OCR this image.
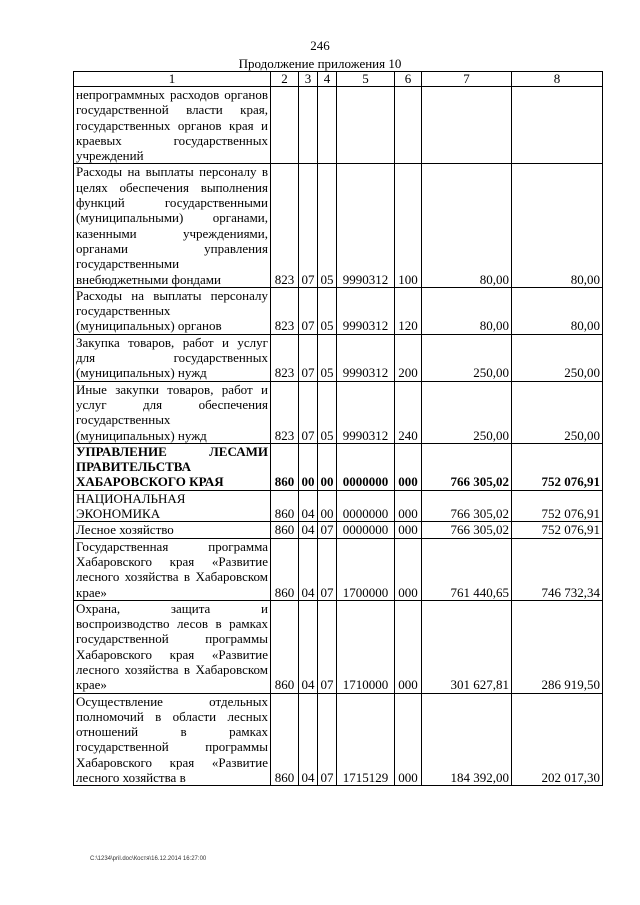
246
Продолжение приложения 10
1	2	3	4	5	6	7	8
непрограммных расходов органов государственной власти края, государственных органов края и краевых государственных учреждений							
Расходы на выплаты персоналу в целях обеспечения выполнения функций государственными (муниципальными) органами, казенными учреждениями, органами управления государственными внебюджетными фондами	823	07	05	9990312	100	80,00	80,00
Расходы на выплаты персоналу государственных (муниципальных) органов	823	07	05	9990312	120	80,00	80,00
Закупка товаров, работ и услуг для государственных (муниципальных) нужд	823	07	05	9990312	200	250,00	250,00
Иные закупки товаров, работ и услуг для обеспечения государственных (муниципальных) нужд	823	07	05	9990312	240	250,00	250,00
УПРАВЛЕНИЕ ЛЕСАМИ ПРАВИТЕЛЬСТВА ХАБАРОВСКОГО КРАЯ	860	00	00	0000000	000	766 305,02	752 076,91
НАЦИОНАЛЬНАЯ ЭКОНОМИКА	860	04	00	0000000	000	766 305,02	752 076,91
Лесное хозяйство	860	04	07	0000000	000	766 305,02	752 076,91
Государственная программа Хабаровского края «Развитие лесного хозяйства в Хабаровском крае»	860	04	07	1700000	000	761 440,65	746 732,34
Охрана, защита и воспроизводство лесов в рамках государственной программы Хабаровского края «Развитие лесного хозяйства в Хабаровском крае»	860	04	07	1710000	000	301 627,81	286 919,50
Осуществление отдельных полномочий в области лесных отношений в рамках государственной программы Хабаровского края «Развитие лесного хозяйства в	860	04	07	1715129	000	184 392,00	202 017,30
C:\1234\pril.doc\Костя\16.12.2014 16:27:00
